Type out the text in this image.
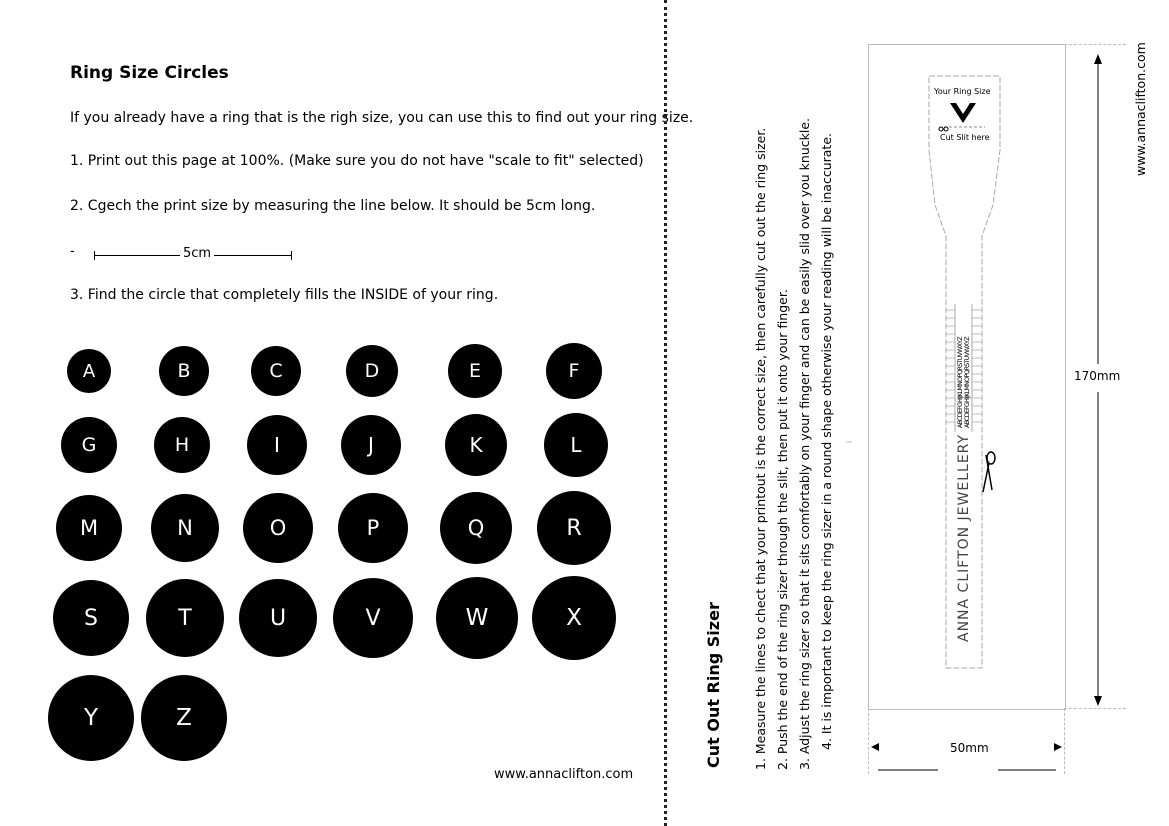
Ring Size Circles
If you already have a ring that is the righ size, you can use this to find out your ring size.
1. Print out this page at 100%. (Make sure you do not have "scale to fit" selected)
2. Cgech the print size by measuring the line below. It should be 5cm long.
-	5cm
3. Find the circle that completely fills the INSIDE of your ring.
A	B	C	D	E	F
G	H	I	J	K	L
M	N	O	P	Q	R
S	T	U	V	W	X
Y	Z
www.annaclifton.com
Cut Out Ring Sizer 1. Measure the lines to chect that your printout is the correct size, then carefully cut out the ring sizer. 2. Push the end of the ring sizer through the slit, then put it onto your finger. 3. Adjust the ring sizer so that it sits comfortably on your finger and can be easily slid over you knuckle. 4. It is important to keep the ring sizer in a round shape otherwise your reading will be inaccurate.
Your Ring Size
Cut Slit here
ABCDEFGHIJKLMNOPQRSTUVWXYZ ABCDEFGHIJKLMNOPQRSTUVWXYZ
ANNA CLIFTON JEWELLERY
170mm
50mm
www.annaclifton.com
